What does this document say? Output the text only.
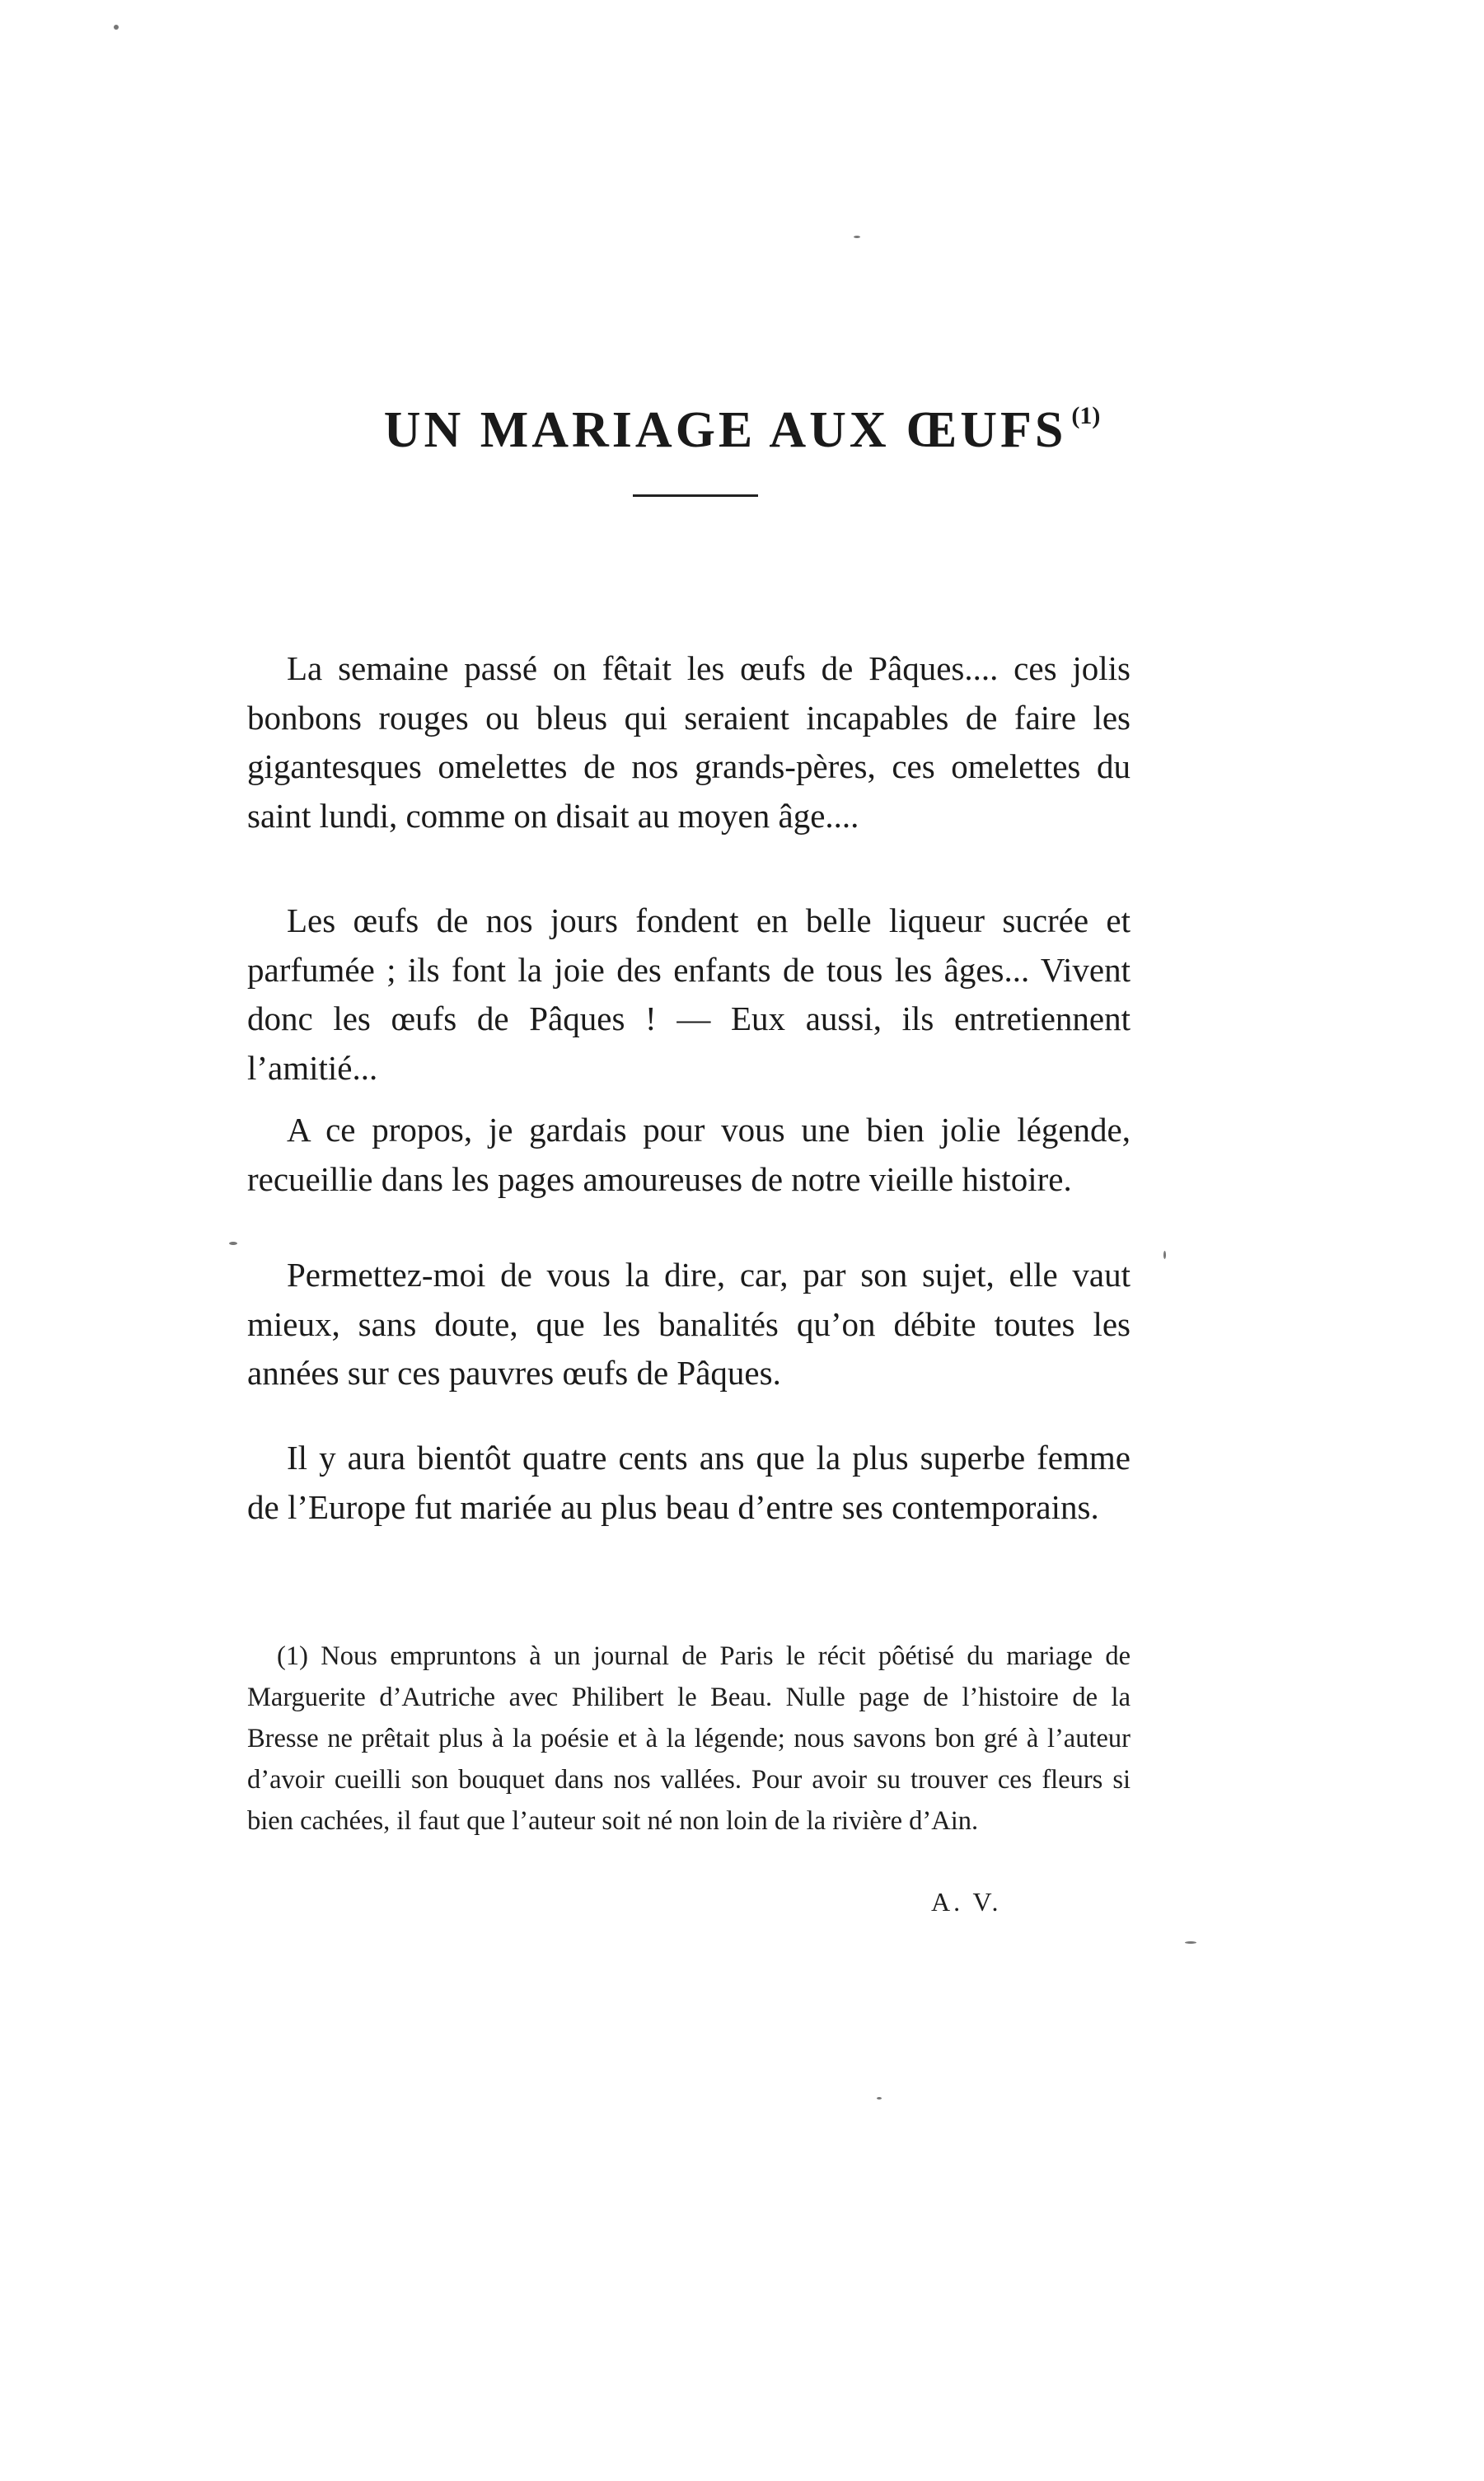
UN MARIAGE AUX ŒUFS $^{(1)}$

La semaine passé on fêtait les œufs de Pâques.... ces jolis bonbons rouges ou bleus qui seraient incapables de faire les gigantesques omelettes de nos grands-pères, ces omelettes du saint lundi, comme on disait au moyen âge....

Les œufs de nos jours fondent en belle liqueur sucrée et parfumée ; ils font la joie des enfants de tous les âges... Vivent donc les œufs de Pâques ! — Eux aussi, ils entretiennent l’amitié...

A ce propos, je gardais pour vous une bien jolie légende, recueillie dans les pages amoureuses de notre vieille histoire.

Permettez-moi de vous la dire, car, par son sujet, elle vaut mieux, sans doute, que les banalités qu’on débite toutes les années sur ces pauvres œufs de Pâques.

Il y aura bientôt quatre cents ans que la plus superbe femme de l’Europe fut mariée au plus beau d’entre ses contemporains.

(1) Nous empruntons à un journal de Paris le récit pôétisé du mariage de Marguerite d’Autriche avec Philibert le Beau. Nulle page de l’histoire de la Bresse ne prêtait plus à la poésie et à la légende; nous savons bon gré à l’auteur d’avoir cueilli son bouquet dans nos vallées. Pour avoir su trouver ces fleurs si bien cachées, il faut que l’auteur soit né non loin de la rivière d’Ain.

A. V.
